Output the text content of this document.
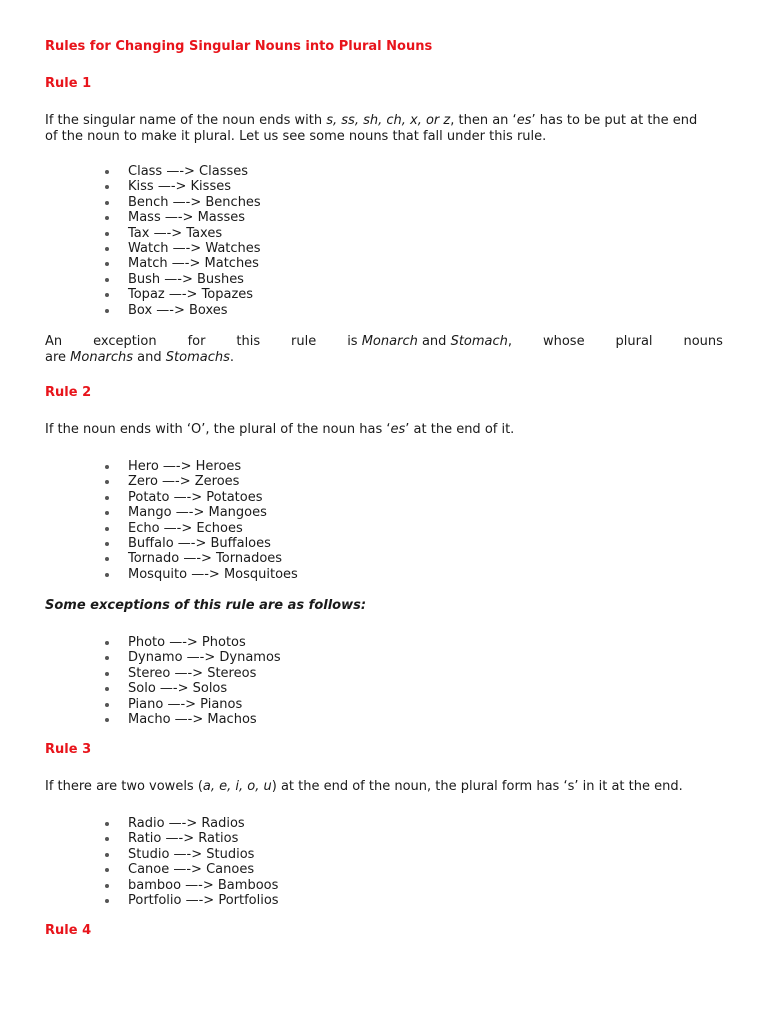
Rules for Changing Singular Nouns into Plural Nouns
Rule 1

If the singular name of the noun ends with s, ss, sh, ch, x, or z, then an ‘es’ has to be put at the end
of the noun to make it plural. Let us see some nouns that fall under this rule.

Class —-> Classes
Kiss —-> Kisses
Bench —-> Benches
Mass —-> Masses
Tax —-> Taxes
Watch —-> Watches
Match —-> Matches
Bush —-> Bushes
Topaz —-> Topazes
Box —-> Boxes

An exception for this rule is Monarch and Stomach, whose plural nouns
are Monarchs and Stomachs.

Rule 2

If the noun ends with ‘O’, the plural of the noun has ‘es’ at the end of it.

Hero —-> Heroes
Zero —-> Zeroes
Potato —-> Potatoes
Mango —-> Mangoes
Echo —-> Echoes
Buffalo —-> Buffaloes
Tornado —-> Tornadoes
Mosquito —-> Mosquitoes
Some exceptions of this rule are as follows:
Photo —-> Photos
Dynamo —-> Dynamos
Stereo —-> Stereos
Solo —-> Solos
Piano —-> Pianos
Macho —-> Machos
Rule 3

If there are two vowels (a, e, i, o, u) at the end of the noun, the plural form has ‘s’ in it at the end.

Radio —-> Radios
Ratio —-> Ratios
Studio —-> Studios
Canoe —-> Canoes
bamboo —-> Bamboos
Portfolio —-> Portfolios
Rule 4
